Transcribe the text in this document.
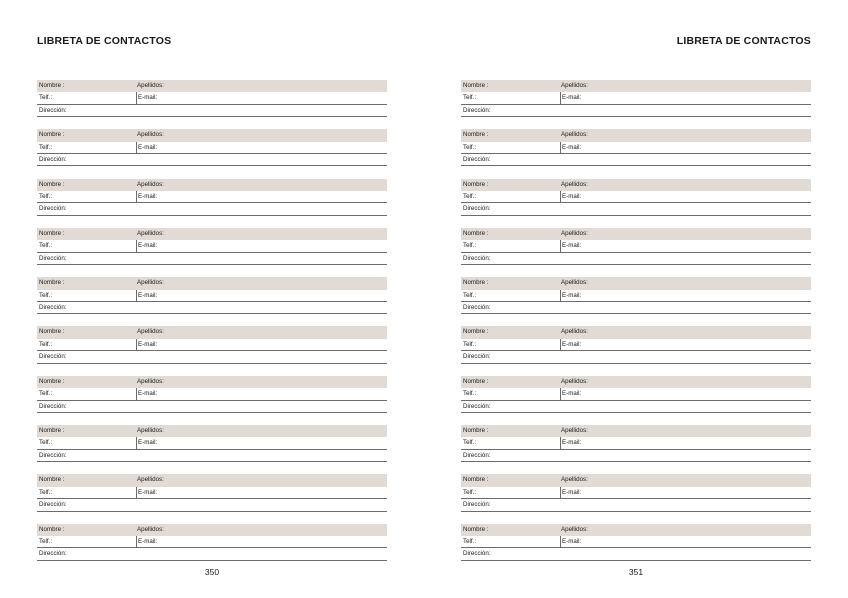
LIBRETA DE CONTACTOS
Nombre :	Apellidos:
Telf.:	E-mail:
Dirección:
Nombre :	Apellidos:
Telf.:	E-mail:
Dirección:
Nombre :	Apellidos:
Telf.:	E-mail:
Dirección:
Nombre :	Apellidos:
Telf.:	E-mail:
Dirección:
Nombre :	Apellidos:
Telf.:	E-mail:
Dirección:
Nombre :	Apellidos:
Telf.:	E-mail:
Dirección:
Nombre :	Apellidos:
Telf.:	E-mail:
Dirección:
Nombre :	Apellidos:
Telf.:	E-mail:
Dirección:
Nombre :	Apellidos:
Telf.:	E-mail:
Dirección:
Nombre :	Apellidos:
Telf.:	E-mail:
Dirección:
350
LIBRETA DE CONTACTOS
Nombre :	Apellidos:
Telf.:	E-mail:
Dirección:
Nombre :	Apellidos:
Telf.:	E-mail:
Dirección:
Nombre :	Apellidos:
Telf.:	E-mail:
Dirección:
Nombre :	Apellidos:
Telf.:	E-mail:
Dirección:
Nombre :	Apellidos:
Telf.:	E-mail:
Dirección:
Nombre :	Apellidos:
Telf.:	E-mail:
Dirección:
Nombre :	Apellidos:
Telf.:	E-mail:
Dirección:
Nombre :	Apellidos:
Telf.:	E-mail:
Dirección:
Nombre :	Apellidos:
Telf.:	E-mail:
Dirección:
Nombre :	Apellidos:
Telf.:	E-mail:
Dirección:
351
